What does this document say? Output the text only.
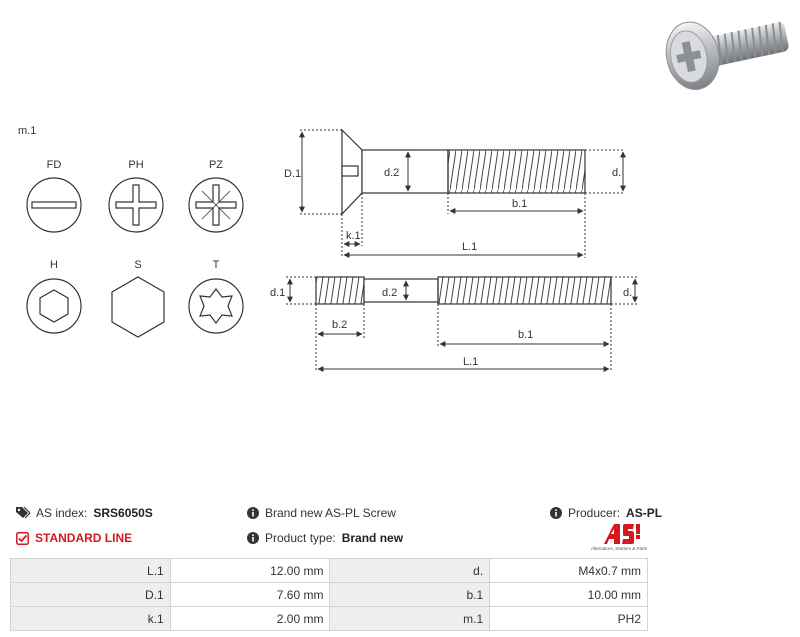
m.1
FD	PH	PZ
H	S	T
D.1	d.2	d.
b.1
k.1
L.1
d.1	d.2	d.
b.2
b.1
L.1
AS index: SRS6050S
STANDARD LINE
Brand new AS-PL Screw
Product type: Brand new
Producer: AS-PL
Alternators, Starters & Parts
L.1	12.00 mm	d.	M4x0.7 mm
D.1	7.60 mm	b.1	10.00 mm
k.1	2.00 mm	m.1	PH2
